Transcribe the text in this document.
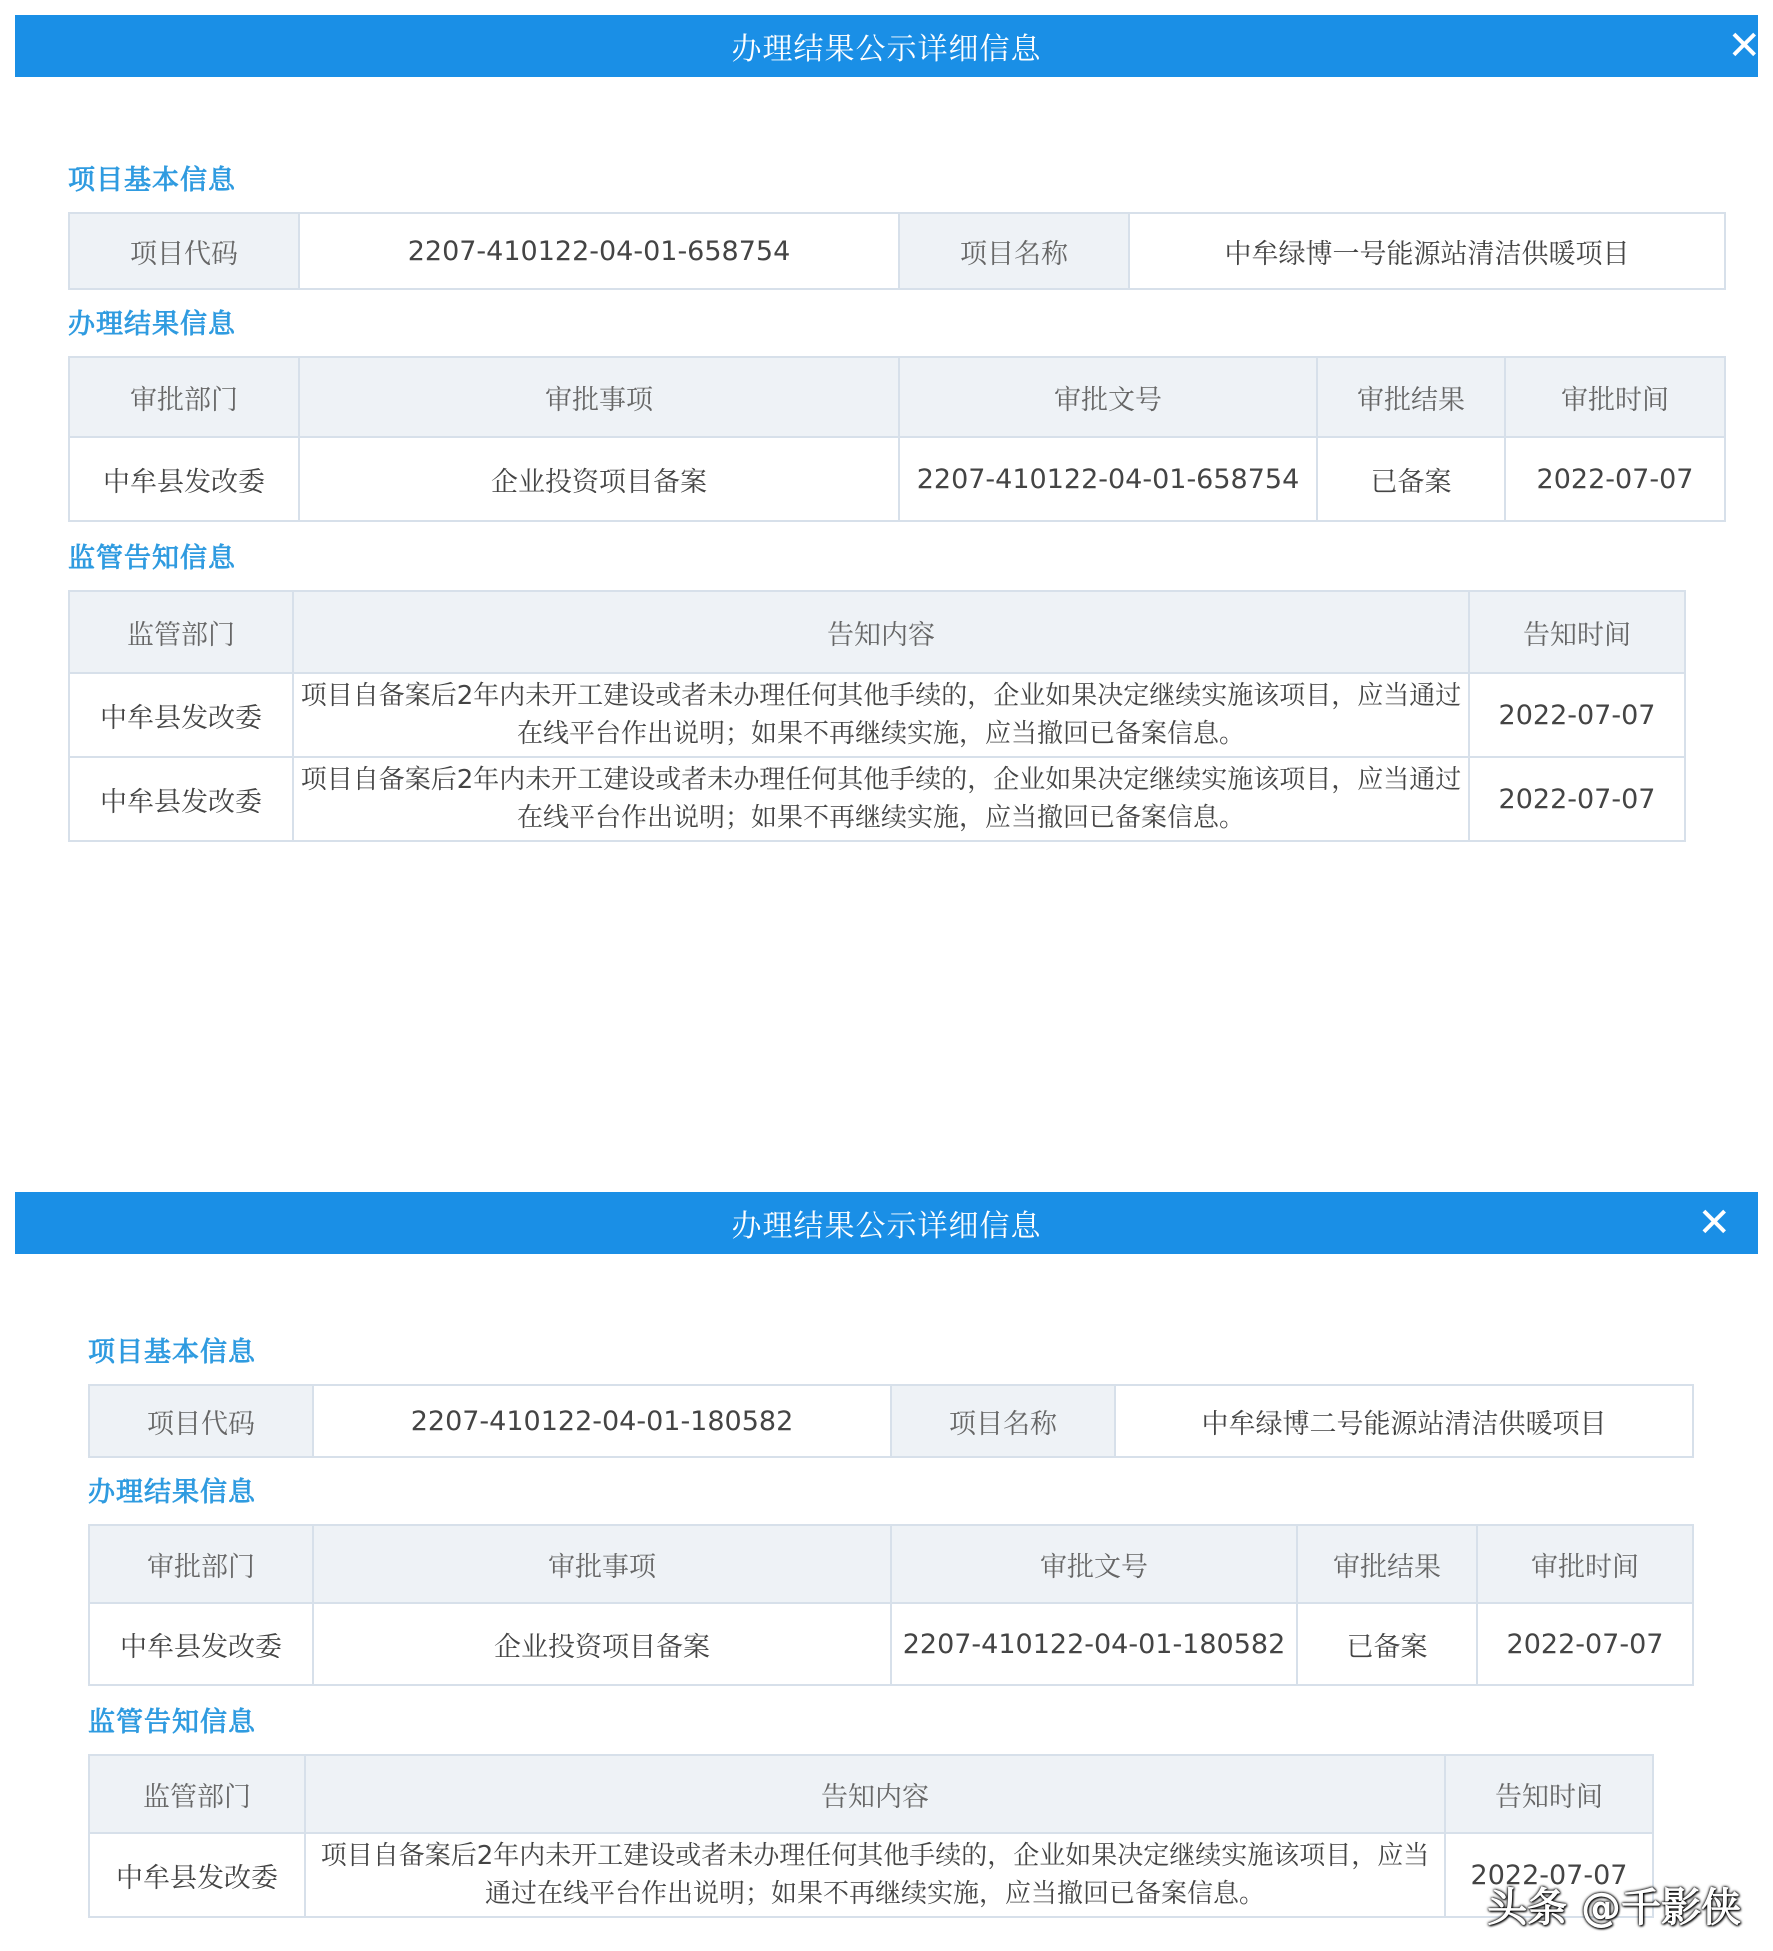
办理结果公示详细信息	✕
项目基本信息
项目代码	2207-410122-04-01-658754	项目名称	中牟绿博一号能源站清洁供暖项目
办理结果信息
审批部门	审批事项	审批文号	审批结果	审批时间
中牟县发改委	企业投资项目备案	2207-410122-04-01-658754	已备案	2022-07-07
监管告知信息
监管部门	告知内容	告知时间
中牟县发改委	项目自备案后2年内未开工建设或者未办理任何其他手续的，企业如果决定继续实施该项目，应当通过在线平台作出说明；如果不再继续实施，应当撤回已备案信息。	2022-07-07
中牟县发改委	项目自备案后2年内未开工建设或者未办理任何其他手续的，企业如果决定继续实施该项目，应当通过在线平台作出说明；如果不再继续实施，应当撤回已备案信息。	2022-07-07
办理结果公示详细信息	✕
项目基本信息
项目代码	2207-410122-04-01-180582	项目名称	中牟绿博二号能源站清洁供暖项目
办理结果信息
审批部门	审批事项	审批文号	审批结果	审批时间
中牟县发改委	企业投资项目备案	2207-410122-04-01-180582	已备案	2022-07-07
监管告知信息
监管部门	告知内容	告知时间
中牟县发改委	项目自备案后2年内未开工建设或者未办理任何其他手续的，企业如果决定继续实施该项目，应当通过在线平台作出说明；如果不再继续实施，应当撤回已备案信息。	2022-07-07
头条 @千影侠
